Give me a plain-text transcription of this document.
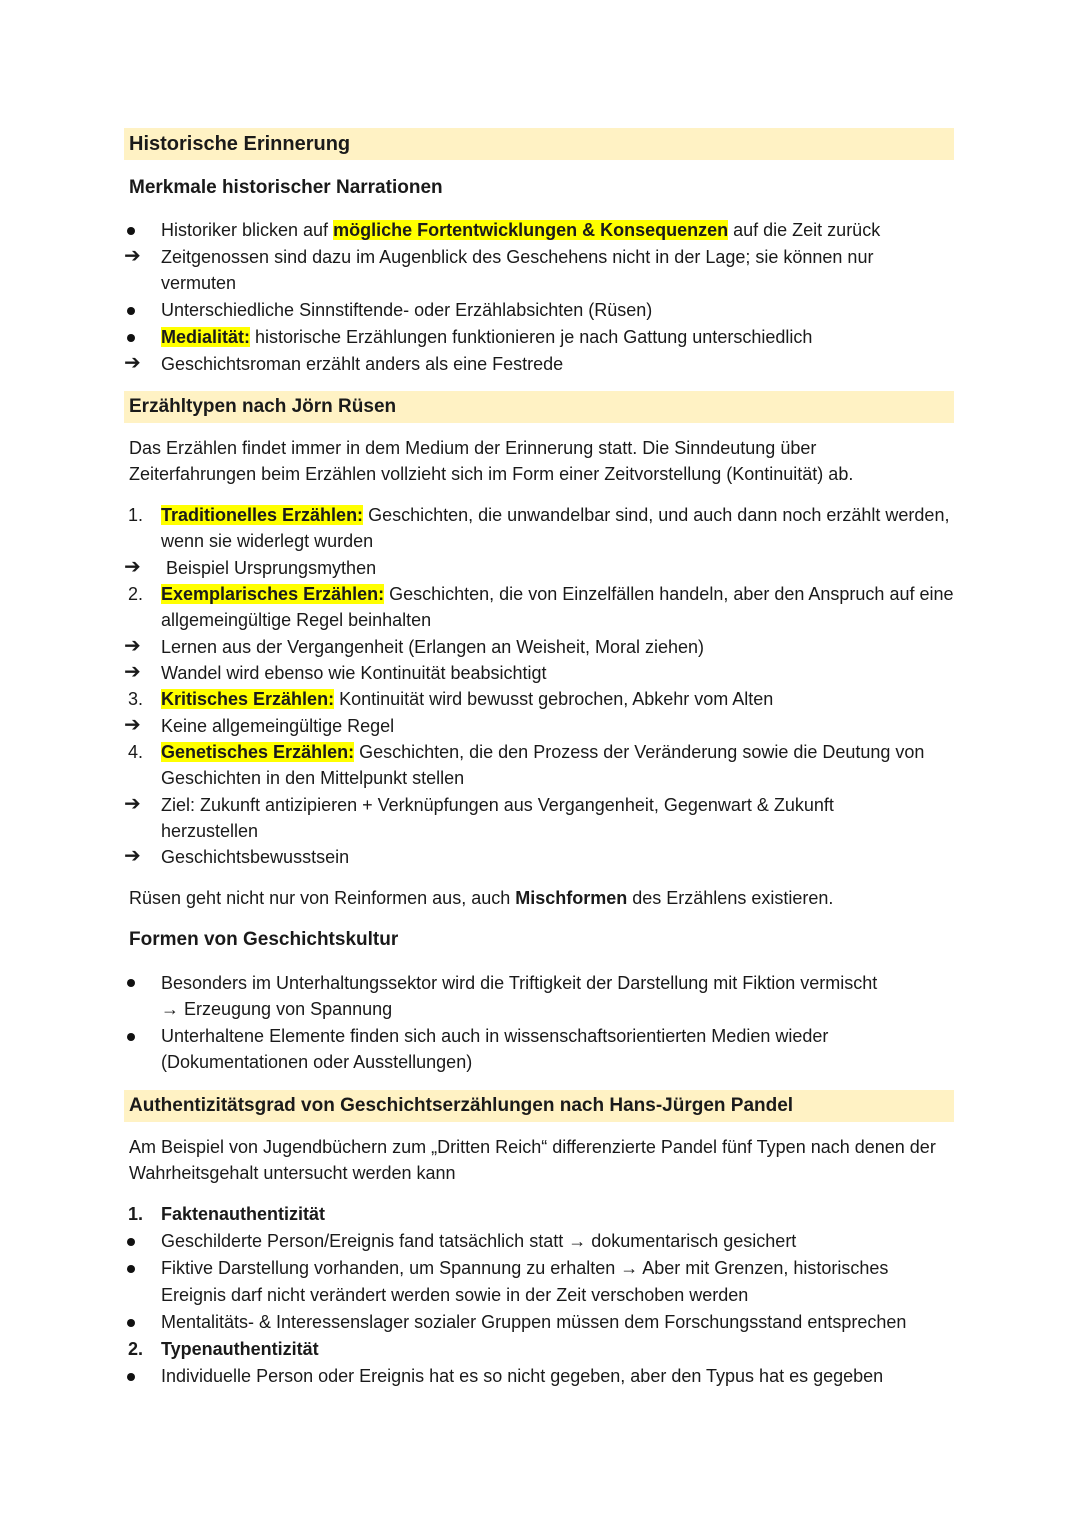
Historische Erinnerung
Merkmale historischer Narrationen
Historiker blicken auf mögliche Fortentwicklungen & Konsequenzen auf die Zeit zurück
➔ Zeitgenossen sind dazu im Augenblick des Geschehens nicht in der Lage; sie können nur
vermuten
Unterschiedliche Sinnstiftende- oder Erzählabsichten (Rüsen)
Medialität: historische Erzählungen funktionieren je nach Gattung unterschiedlich
➔ Geschichtsroman erzählt anders als eine Festrede
Erzähltypen nach Jörn Rüsen
Das Erzählen findet immer in dem Medium der Erinnerung statt. Die Sinndeutung über
Zeiterfahrungen beim Erzählen vollzieht sich im Form einer Zeitvorstellung (Kontinuität) ab.
1. Traditionelles Erzählen: Geschichten, die unwandelbar sind, und auch dann noch erzählt werden,
wenn sie widerlegt wurden
➔ Beispiel Ursprungsmythen
2. Exemplarisches Erzählen: Geschichten, die von Einzelfällen handeln, aber den Anspruch auf eine
allgemeingültige Regel beinhalten
➔ Lernen aus der Vergangenheit (Erlangen an Weisheit, Moral ziehen)
➔ Wandel wird ebenso wie Kontinuität beabsichtigt
3. Kritisches Erzählen: Kontinuität wird bewusst gebrochen, Abkehr vom Alten
➔ Keine allgemeingültige Regel
4. Genetisches Erzählen: Geschichten, die den Prozess der Veränderung sowie die Deutung von
Geschichten in den Mittelpunkt stellen
➔ Ziel: Zukunft antizipieren + Verknüpfungen aus Vergangenheit, Gegenwart & Zukunft
herzustellen
➔ Geschichtsbewusstsein
Rüsen geht nicht nur von Reinformen aus, auch Mischformen des Erzählens existieren.
Formen von Geschichtskultur
Besonders im Unterhaltungssektor wird die Triftigkeit der Darstellung mit Fiktion vermischt
→ Erzeugung von Spannung
Unterhaltene Elemente finden sich auch in wissenschaftsorientierten Medien wieder
(Dokumentationen oder Ausstellungen)
Authentizitätsgrad von Geschichtserzählungen nach Hans-Jürgen Pandel
Am Beispiel von Jugendbüchern zum „Dritten Reich“ differenzierte Pandel fünf Typen nach denen der
Wahrheitsgehalt untersucht werden kann
1. Faktenauthentizität
Geschilderte Person/Ereignis fand tatsächlich statt → dokumentarisch gesichert
Fiktive Darstellung vorhanden, um Spannung zu erhalten → Aber mit Grenzen, historisches
Ereignis darf nicht verändert werden sowie in der Zeit verschoben werden
Mentalitäts- & Interessenslager sozialer Gruppen müssen dem Forschungsstand entsprechen
2. Typenauthentizität
Individuelle Person oder Ereignis hat es so nicht gegeben, aber den Typus hat es gegeben
